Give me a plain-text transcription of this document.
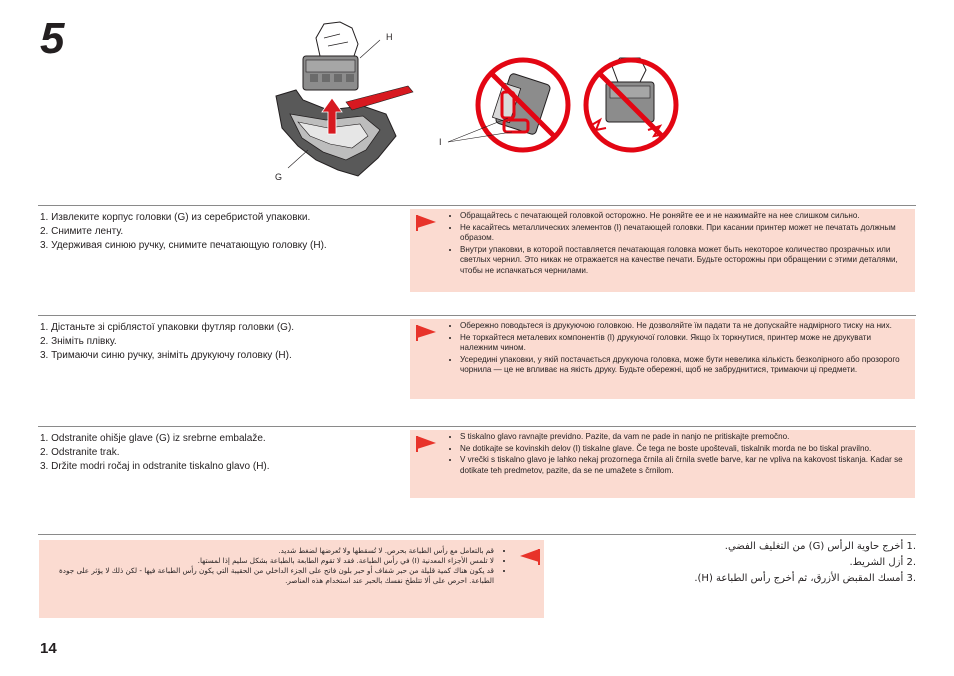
5	H
G
I
1. Извлеките корпус головки (G) из серебристой упаковки.
2. Снимите ленту.
3. Удерживая синюю ручку, снимите печатающую головку (H).
• Обращайтесь с печатающей головкой осторожно. Не роняйте ее и не нажимайте на нее слишком сильно.
• Не касайтесь металлических элементов (I) печатающей головки. При касании принтер может не печатать должным образом.
• Внутри упаковки, в которой поставляется печатающая головка может быть некоторое количество прозрачных или светлых чернил. Это никак не отражается на качестве печати. Будьте осторожны при обращении с этими деталями, чтобы не испачкаться чернилами.
1. Дістаньте зі сріблястої упаковки футляр головки (G).
2. Зніміть плівку.
3. Тримаючи синю ручку, зніміть друкуючу головку (H).
• Обережно поводьтеся із друкуючою головкою. Не дозволяйте їм падати та не допускайте надмірного тиску на них.
• Не торкайтеся металевих компонентів (I) друкуючої головки. Якщо їх торкнутися, принтер може не друкувати належним чином.
• Усередині упаковки, у якій постачається друкуюча головка, може бути невелика кількість безколірного або прозорого чорнила — це не впливає на якість друку. Будьте обережні, щоб не забруднитися, тримаючи ці предмети.
1. Odstranite ohišje glave (G) iz srebrne embalaže.
2. Odstranite trak.
3. Držite modri ročaj in odstranite tiskalno glavo (H).
• S tiskalno glavo ravnajte previdno. Pazite, da vam ne pade in nanjo ne pritiskajte premočno.
• Ne dotikajte se kovinskih delov (I) tiskalne glave. Če tega ne boste upoštevali, tiskalnik morda ne bo tiskal pravilno.
• V vrečki s tiskalno glavo je lahko nekaj prozornega črnila ali črnila svetle barve, kar ne vpliva na kakovost tiskanja. Kadar se dotikate teh predmetov, pazite, da se ne umažete s črnilom.
• قم بالتعامل مع رأس الطباعة بحرص. لا تُسقطها ولا تُعرضها لضغط شديد.
• لا تلمس الأجزاء المعدنية (I) في رأس الطباعة. فقد لا تقوم الطابعة بالطباعة بشكل سليم إذا لمستها.
• قد يكون هناك كمية قليلة من حبر شفاف أو حبر بلون فاتح على الجزء الداخلي من الحقيبة التي يكون رأس الطباعة فيها - لكن ذلك لا يؤثر على جودة الطباعة. احرص على ألا تتلطخ نفسك بالحبر عند استخدام هذه العناصر.
.1 أخرج حاوية الرأس (G) من التغليف الفضي.
.2 أزل الشريط.
.3 أمسك المقبض الأزرق، ثم أخرج رأس الطباعة (H).
14
